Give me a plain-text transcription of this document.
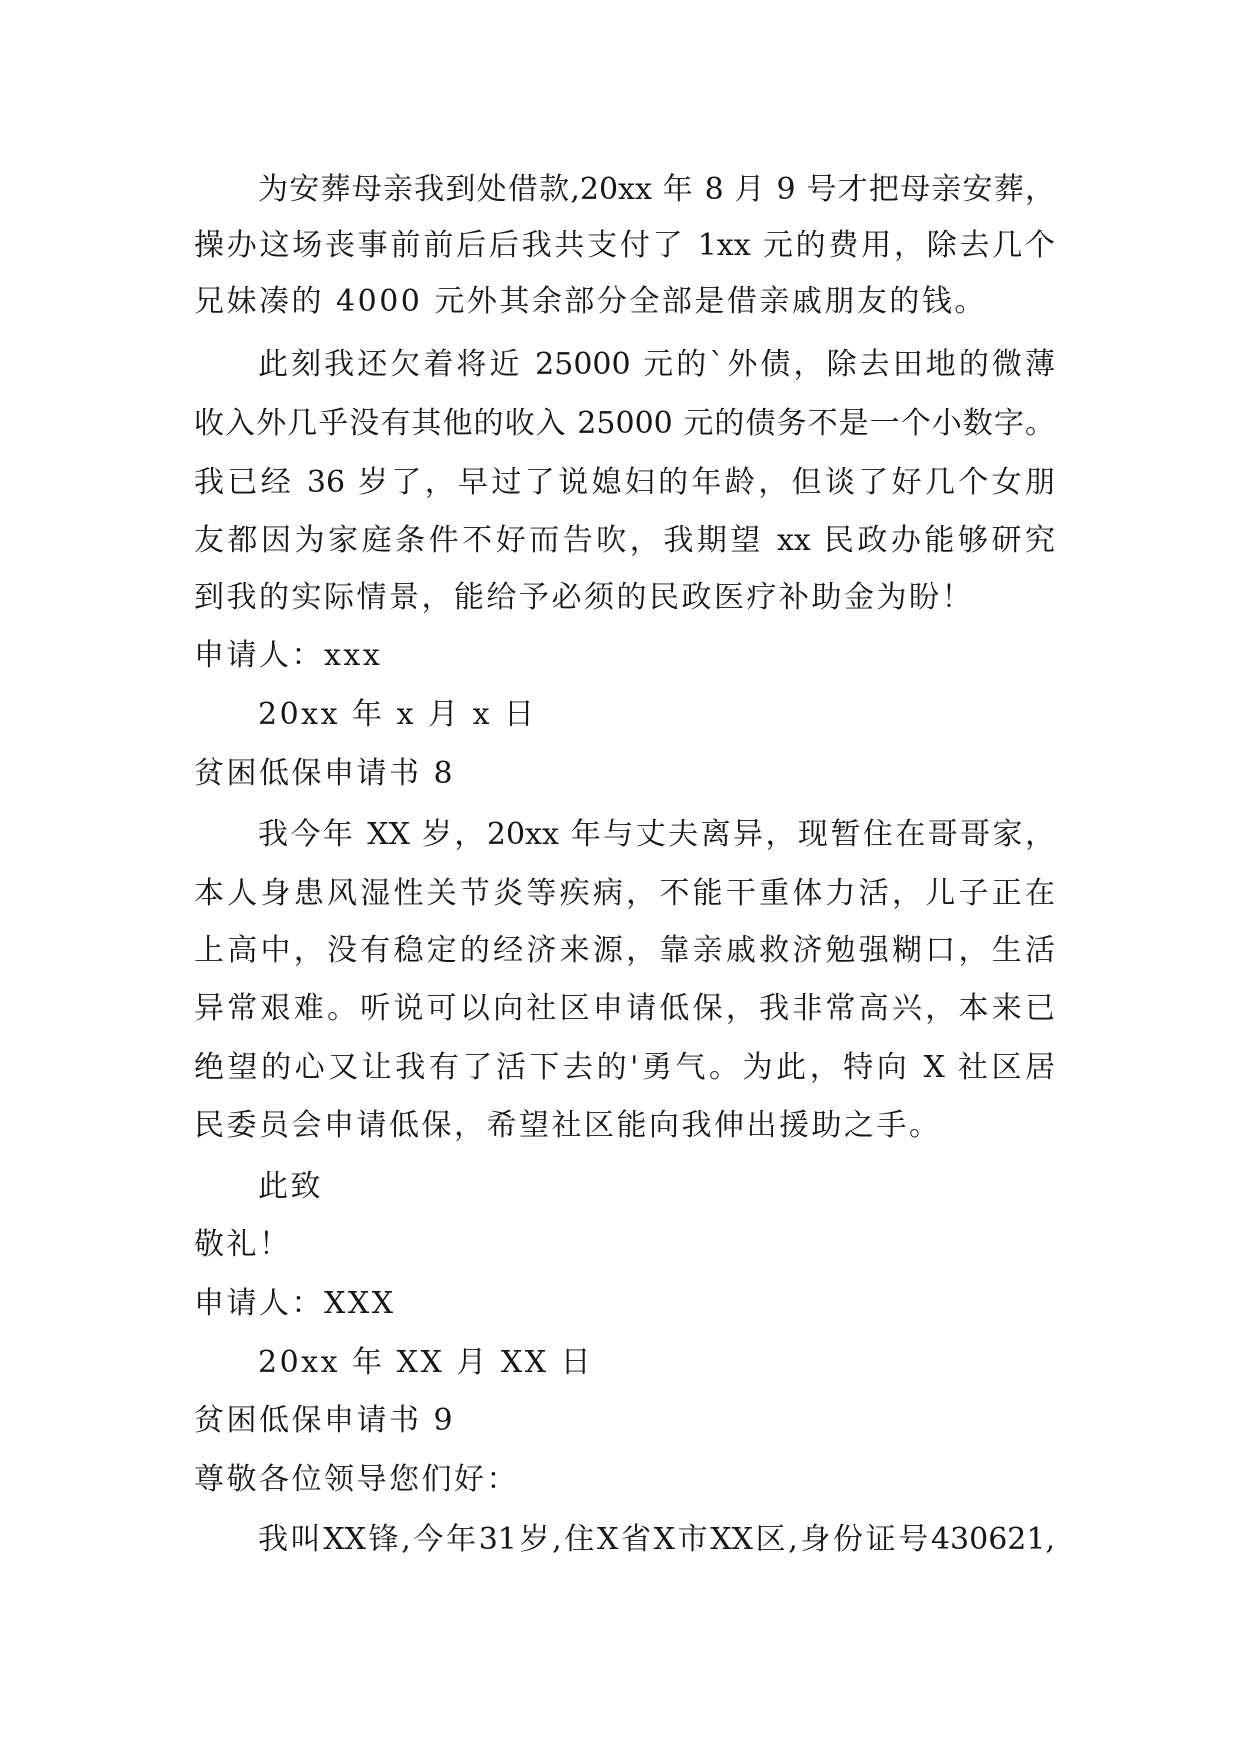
为安葬母亲我到处借款,20xx 年 8 月 9 号才把母亲安葬，
操办这场丧事前前后后我共支付了 1xx 元的费用，除去几个
兄妹凑的 4000 元外其余部分全部是借亲戚朋友的钱。
此刻我还欠着将近 25000 元的`外债，除去田地的微薄
收入外几乎没有其他的收入 25000 元的债务不是一个小数字。
我已经 36 岁了，早过了说媳妇的年龄，但谈了好几个女朋
友都因为家庭条件不好而告吹，我期望 xx 民政办能够研究
到我的实际情景，能给予必须的民政医疗补助金为盼！
申请人：xxx
20xx 年 x 月 x 日
贫困低保申请书 8
我今年 XX 岁，20xx 年与丈夫离异，现暂住在哥哥家，
本人身患风湿性关节炎等疾病，不能干重体力活，儿子正在
上高中，没有稳定的经济来源，靠亲戚救济勉强糊口，生活
异常艰难。听说可以向社区申请低保，我非常高兴，本来已
绝望的心又让我有了活下去的'勇气。为此，特向 X 社区居
民委员会申请低保，希望社区能向我伸出援助之手。
此致
敬礼！
申请人：XXX
20xx 年 XX 月 XX 日
贫困低保申请书 9
尊敬各位领导您们好：
我叫XX锋,今年31岁,住X省X市XX区,身份证号430621,
